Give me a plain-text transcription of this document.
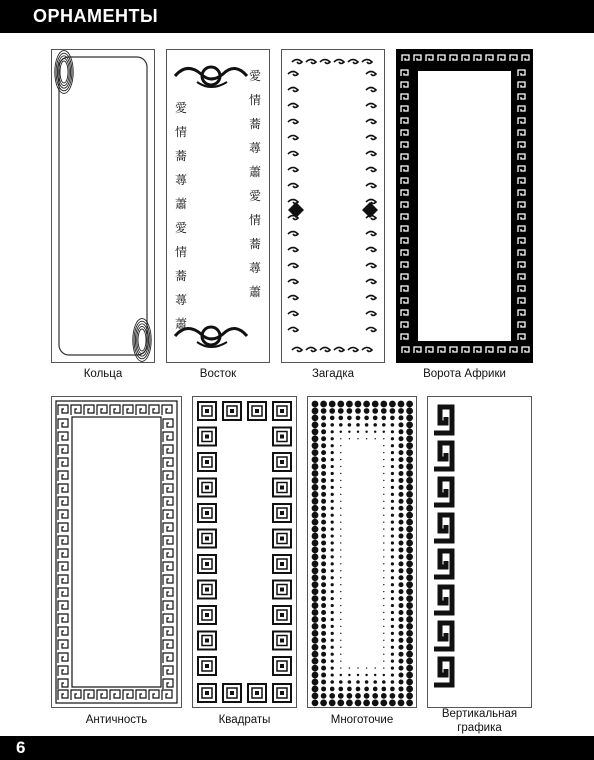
ОРНАМЕНТЫ
Кольца
愛
情
蕎
蕁
蕭
愛
情
蕎
蕁
蕭
愛
情
蕎
蕁
蕭
愛
情
蕎
蕁
蕭
Восток	Загадка	Ворота Африки
Античность	Квадраты	Многоточие	Вертикальная графика
6
